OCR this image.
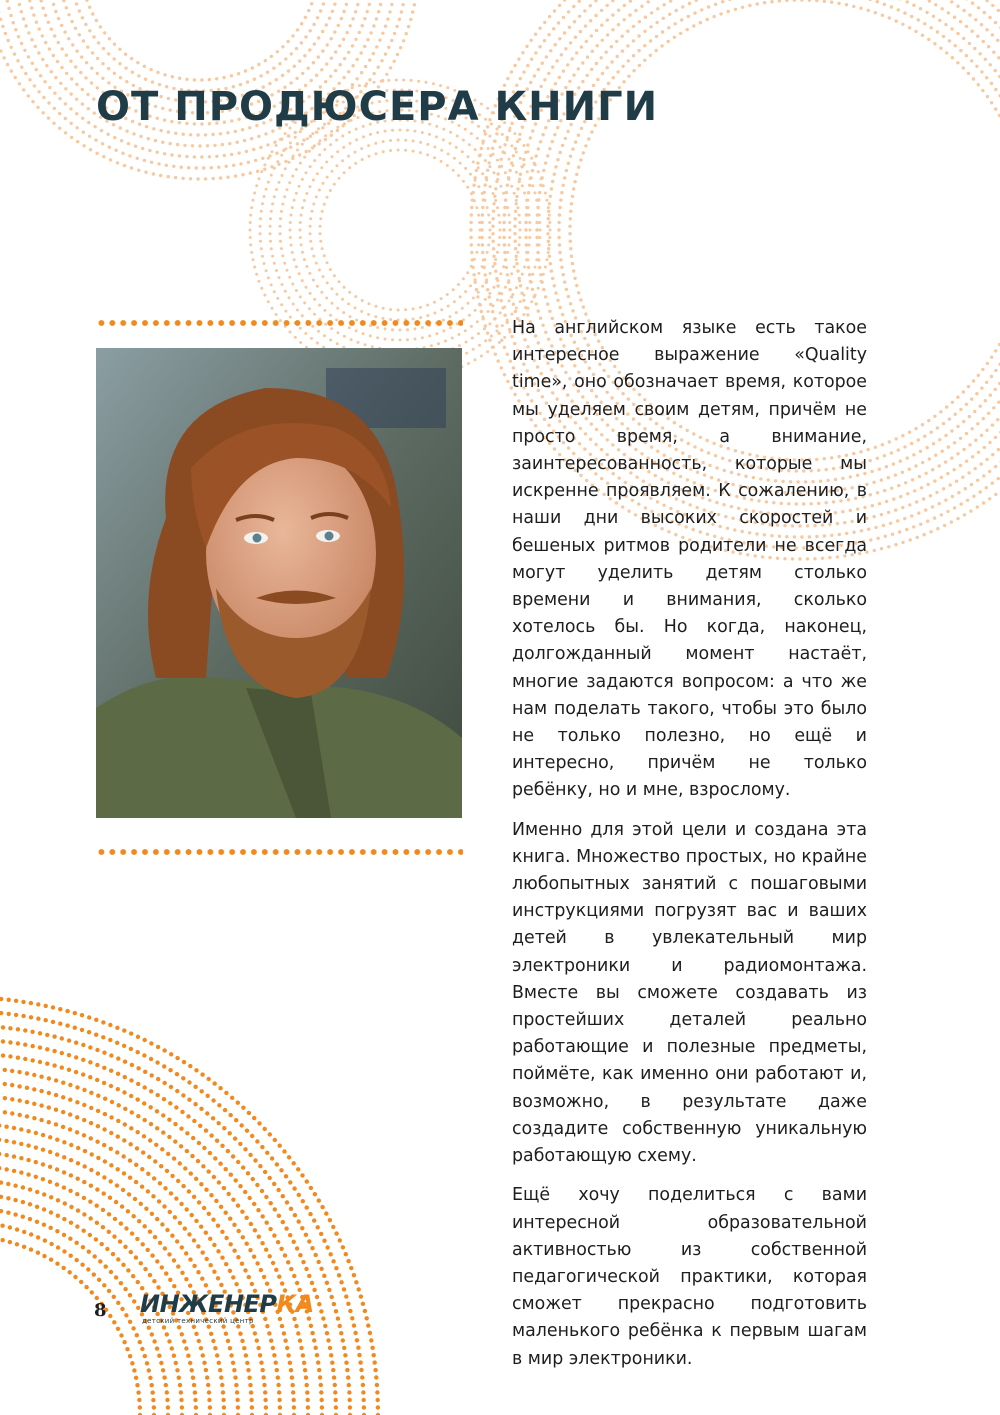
ОТ ПРОДЮСЕРА КНИГИ

На английском языке есть такое интересное выражение «Quality time», оно обозначает время, которое мы уделяем своим детям, причём не просто время, а внимание, заинтересованность, которые мы искренне проявляем. К сожалению, в наши дни высоких скоростей и бешеных ритмов родители не всегда могут уделить детям столько времени и внимания, сколько хотелось бы. Но когда, наконец, долгожданный момент настаёт, многие задаются вопросом: а что же нам поделать такого, чтобы это было не только полезно, но ещё и интересно, причём не только ребёнку, но и мне, взрослому.

Именно для этой цели и создана эта книга. Множество простых, но крайне любопытных занятий с пошаговыми инструкциями погрузят вас и ваших детей в увлекательный мир электроники и радиомонтажа. Вместе вы сможете создавать из простейших деталей реально работающие и полезные предметы, поймёте, как именно они работают и, возможно, в результате даже создадите собственную уникальную работающую схему.

Ещё хочу поделиться с вами интересной образовательной активностью из собственной педагогической практики, которая сможет прекрасно подготовить маленького ребёнка к первым шагам в мир электроники.

8 ИНЖЕНЕРКА
детский технический центр
